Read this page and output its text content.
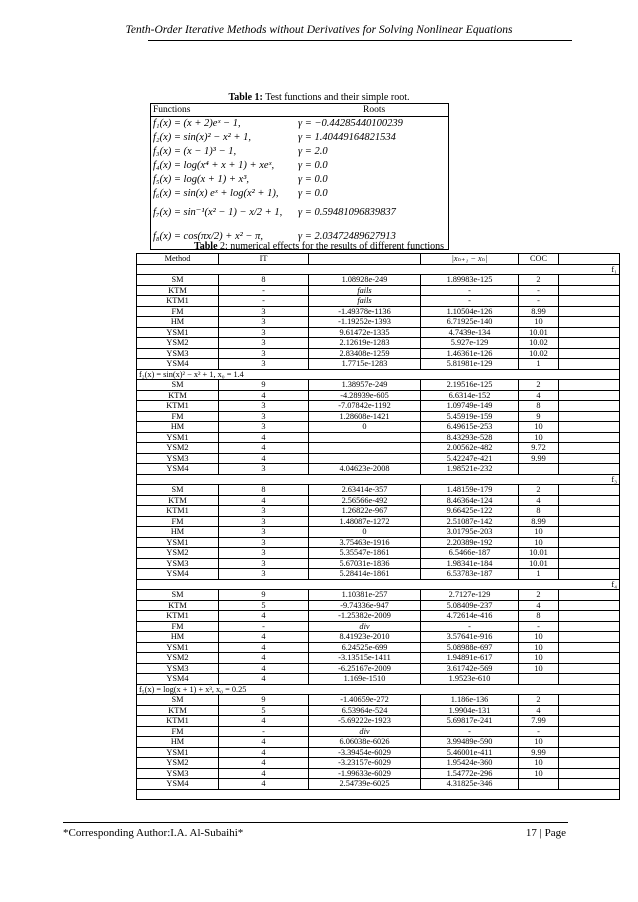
Tenth-Order Iterative Methods without Derivatives for Solving Nonlinear Equations
Table 1: Test functions and their simple root.
Functions	Roots
f₁(x) = (x + 2)eˣ − 1,	γ = −0.44285440100239
f₂(x) = sin⁡(x)² − x² + 1,	γ = 1.40449164821534
f₃(x) = (x − 1)³ − 1,	γ = 2.0
f₄(x) = log⁡(x⁴ + x + 1) + xeˣ,	γ = 0.0
f₅(x) = log(x + 1) + x³,	γ = 0.0
f₆(x) = sin(x) eˣ + log(x² + 1),	γ = 0.0
f₇(x) = sin⁻¹(x² − 1) − x/2 + 1,	γ = 0.59481096839837
f₈(x) = cos(πx/2) + x² − π,	γ = 2.03472489627913
Table 2: numerical effects for the results of different functions
Method	IT		|xₙ₊₁ − xₙ|	COC	
f₁					
SM	8	1.08928e-249	1.89983e-125	2	
KTM	-	fails	-	-	
KTM1	-	fails	-	-	
FM	3	-1.49378e-1136	1.10504e-126	8.99	
HM	3	-1.19252e-1393	6.71925e-140	10	
YSM1	3	9.61472e-1335	4.7439e-134	10.01	
YSM2	3	2.12619e-1283	5.927e-129	10.02	
YSM3	3	2.83408e-1259	1.46361e-126	10.02	
YSM4	3	1.7715e-1283	5.81981e-129	1	
f₂(x) = sin⁡(x)² − x² + 1, x₀ = 1.4					
SM	9	1.38957e-249	2.19516e-125	2	
KTM	4	-4.28939e-605	6.6314e-152	4	
KTM1	3	-7.07842e-1192	1.09749e-149	8	
FM	3	1.28608e-1421	5.45919e-159	9	
HM	3	0	6.49615e-253	10	
YSM1	4		8.43293e-528	10	
YSM2	4		2.00562e-482	9.72	
YSM3	4		5.42247e-421	9.99	
YSM4	3	4.04623e-2008	1.98521e-232		
f₃					
SM	8	2.63414e-357	1.48159e-179	2	
KTM	4	2.56566e-492	8.46364e-124	4	
KTM1	3	1.26822e-967	9.66425e-122	8	
FM	3	1.48087e-1272	2.51087e-142	8.99	
HM	3	0	3.01795e-203	10	
YSM1	3	3.75463e-1916	2.20389e-192	10	
YSM2	3	5.35547e-1861	6.5466e-187	10.01	
YSM3	3	5.67031e-1836	1.98341e-184	10.01	
YSM4	3	5.28414e-1861	6.53783e-187	1	
f₄					
SM	9	1.10381e-257	2.7127e-129	2	
KTM	5	-9.74336e-947	5.08409e-237	4	
KTM1	4	-1.25382e-2009	4.72614e-416	8	
FM	-	div	-	-	
HM	4	8.41923e-2010	3.57641e-916	10	
YSM1	4	6.24525e-699	5.08988e-697	10	
YSM2	4	-3.13515e-1411	1.94891e-617	10	
YSM3	4	-6.25167e-2009	3.61742e-569	10	
YSM4	4	1.169e-1510	1.9523e-610		
f₅(x) = log(x + 1) + x³, x₀ = 0.25					
SM	9	-1.40659e-272	1.186e-136	2	
KTM	5	6.53964e-524	1.9904e-131	4	
KTM1	4	-5.69222e-1923	5.69817e-241	7.99	
FM	-	div	-	-	
HM	4	6.06038e-6026	3.99489e-590	10	
YSM1	4	-3.39454e-6029	5.46001e-411	9.99	
YSM2	4	-3.23157e-6029	1.95424e-360	10	
YSM3	4	-1.99633e-6029	1.54772e-296	10	
YSM4	4	2.54739e-6025	4.31825e-346		

*Corresponding Author:I.A. Al-Subaihi*	17 | Page
